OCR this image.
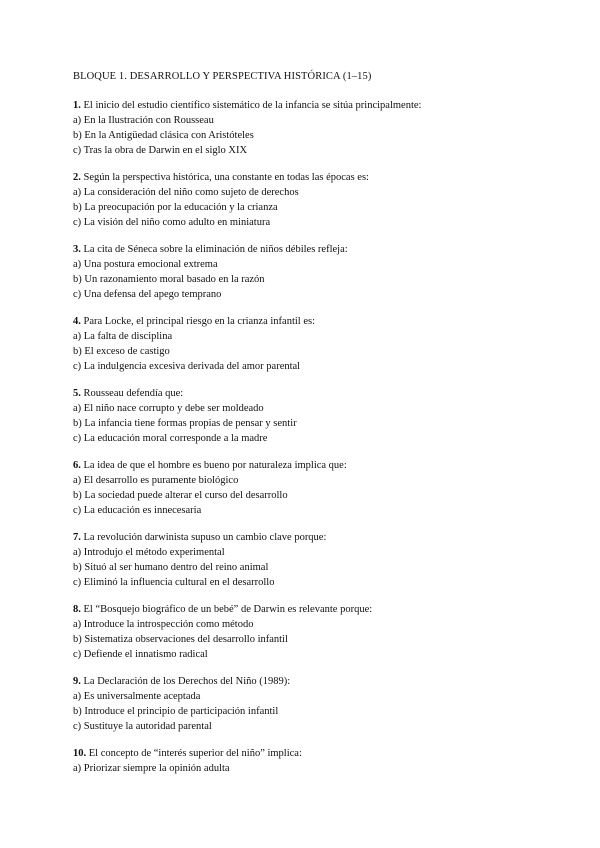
BLOQUE 1. DESARROLLO Y PERSPECTIVA HISTÓRICA (1–15)
1. El inicio del estudio científico sistemático de la infancia se sitúa principalmente:
a) En la Ilustración con Rousseau
b) En la Antigüedad clásica con Aristóteles
c) Tras la obra de Darwin en el siglo XIX
2. Según la perspectiva histórica, una constante en todas las épocas es:
a) La consideración del niño como sujeto de derechos
b) La preocupación por la educación y la crianza
c) La visión del niño como adulto en miniatura
3. La cita de Séneca sobre la eliminación de niños débiles refleja:
a) Una postura emocional extrema
b) Un razonamiento moral basado en la razón
c) Una defensa del apego temprano
4. Para Locke, el principal riesgo en la crianza infantil es:
a) La falta de disciplina
b) El exceso de castigo
c) La indulgencia excesiva derivada del amor parental
5. Rousseau defendía que:
a) El niño nace corrupto y debe ser moldeado
b) La infancia tiene formas propias de pensar y sentir
c) La educación moral corresponde a la madre
6. La idea de que el hombre es bueno por naturaleza implica que:
a) El desarrollo es puramente biológico
b) La sociedad puede alterar el curso del desarrollo
c) La educación es innecesaria
7. La revolución darwinista supuso un cambio clave porque:
a) Introdujo el método experimental
b) Situó al ser humano dentro del reino animal
c) Eliminó la influencia cultural en el desarrollo
8. El “Bosquejo biográfico de un bebé” de Darwin es relevante porque:
a) Introduce la introspección como método
b) Sistematiza observaciones del desarrollo infantil
c) Defiende el innatismo radical
9. La Declaración de los Derechos del Niño (1989):
a) Es universalmente aceptada
b) Introduce el principio de participación infantil
c) Sustituye la autoridad parental
10. El concepto de “interés superior del niño” implica:
a) Priorizar siempre la opinión adulta
